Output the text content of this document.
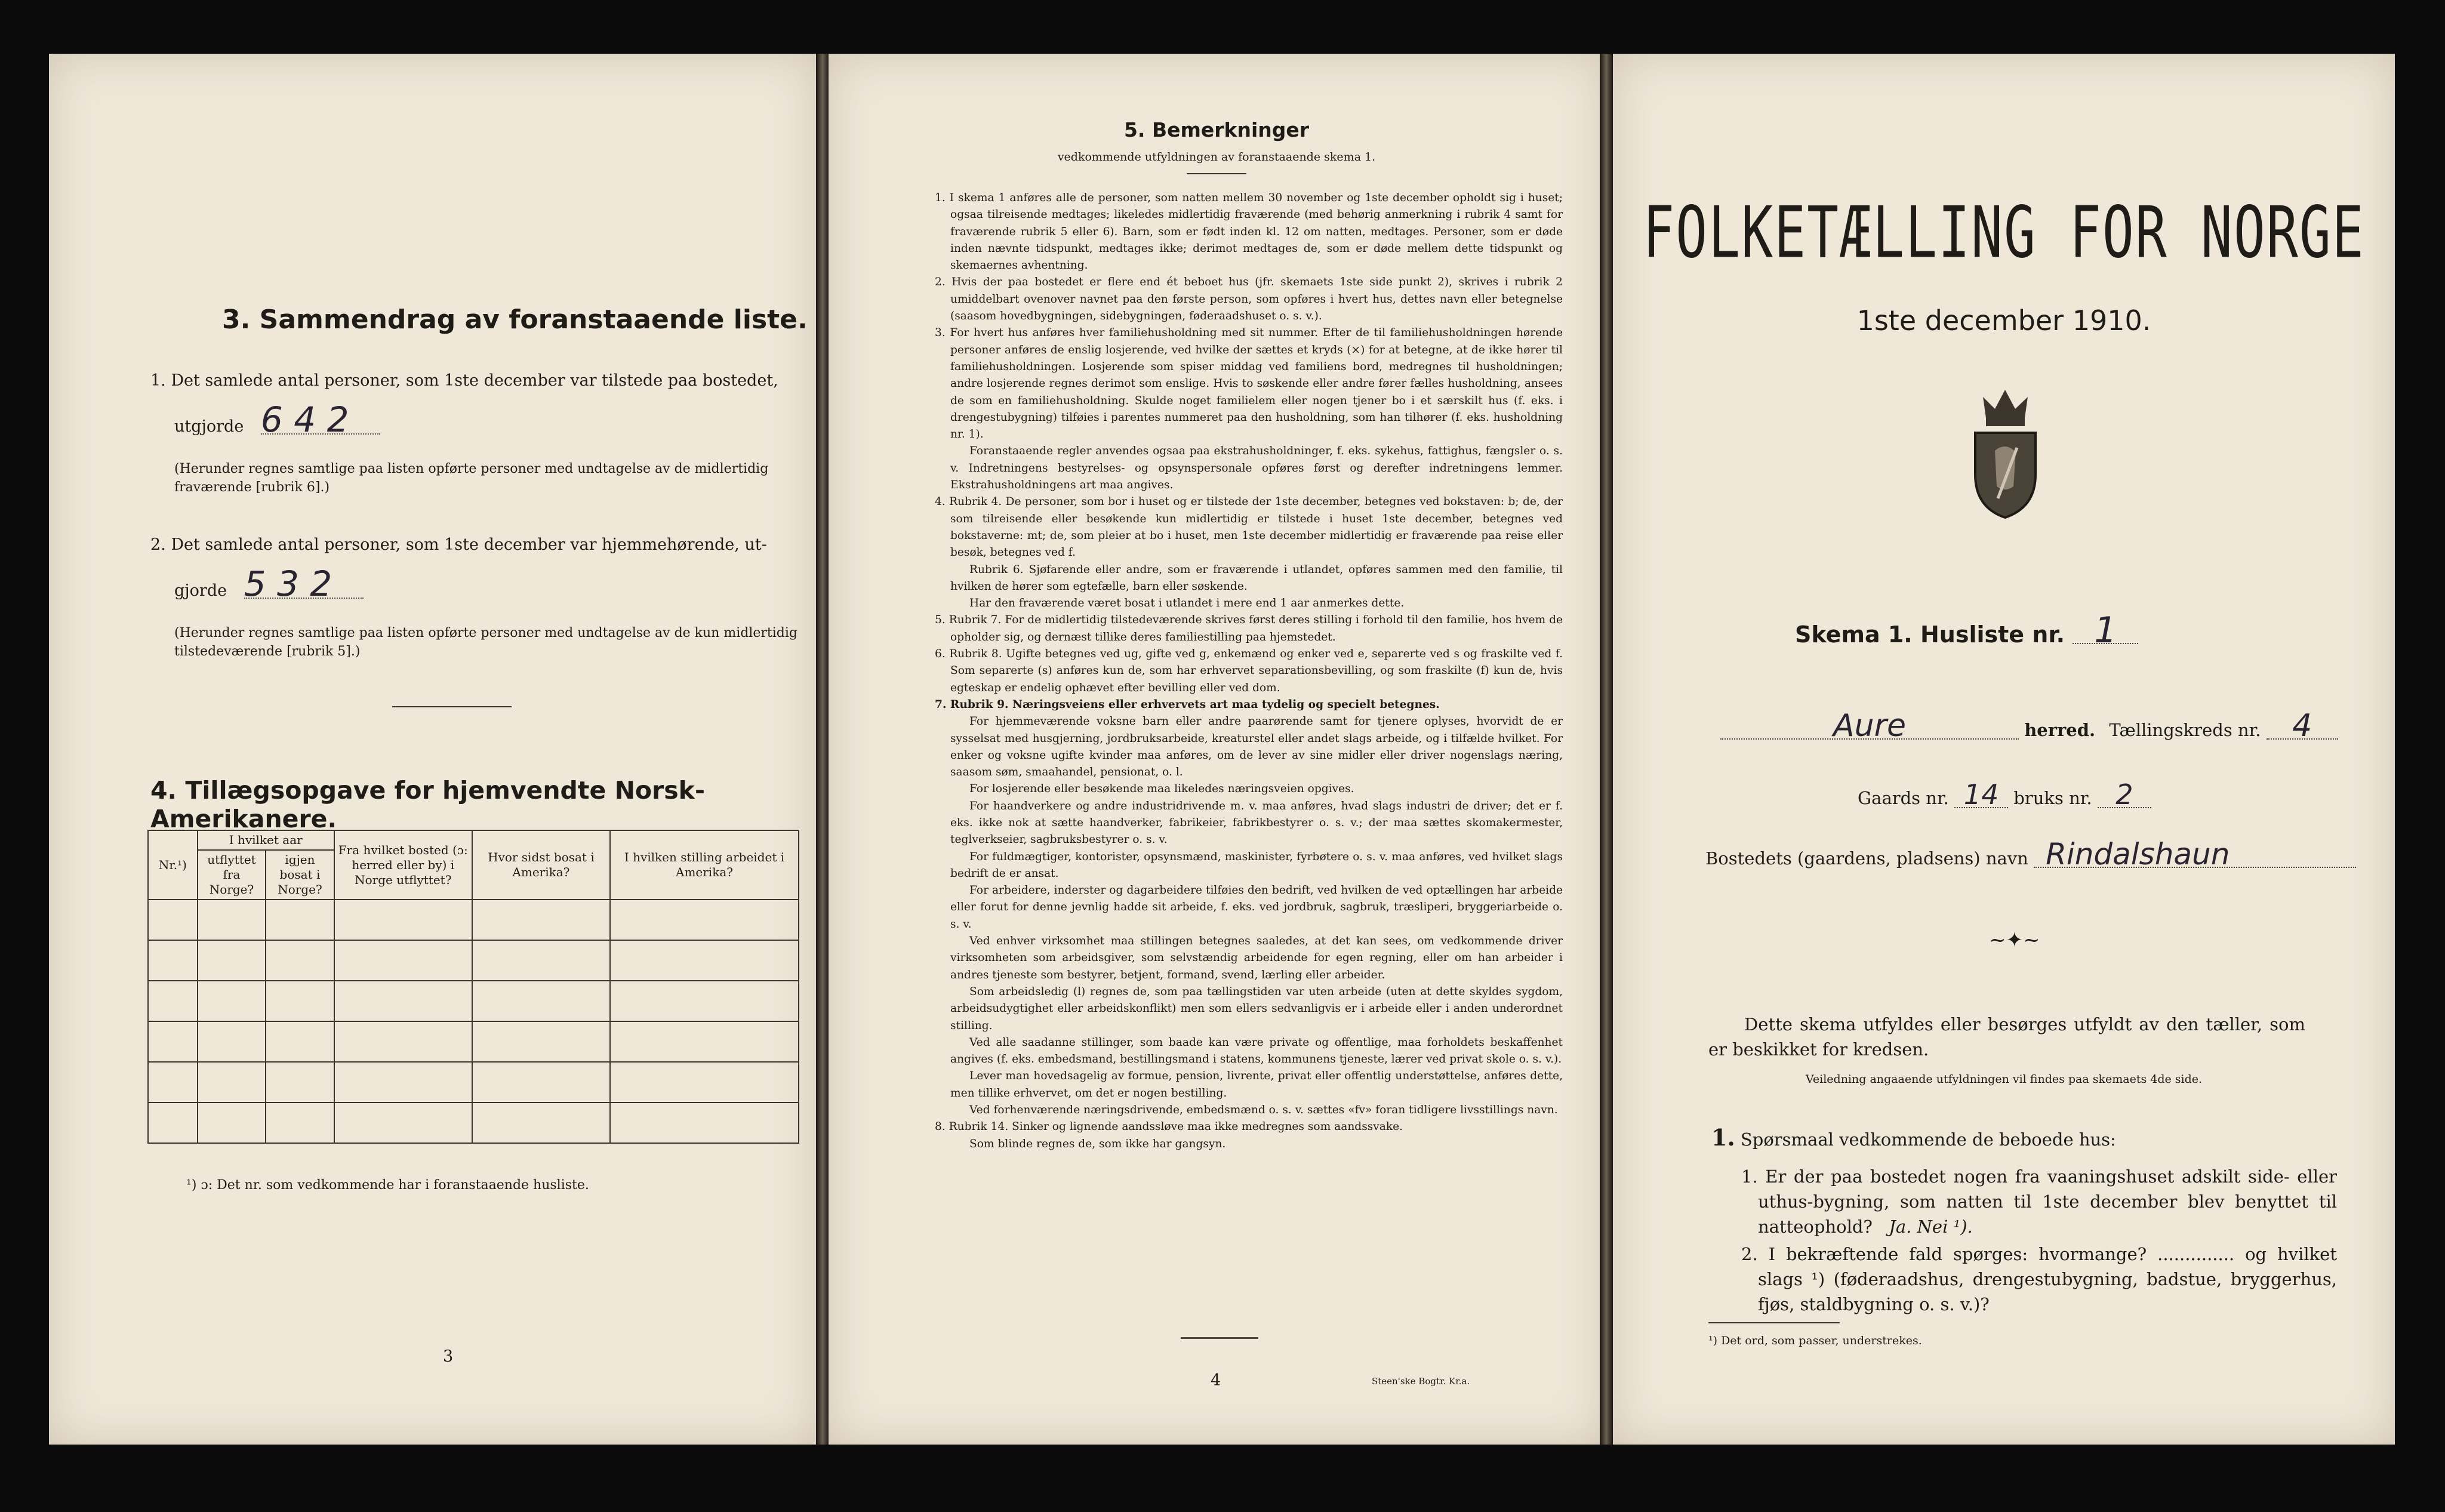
3. Sammendrag av foranstaaende liste.
1. Det samlede antal personer, som 1ste december var tilstede paa bostedet,
utgjorde 6 4 2
(Herunder regnes samtlige paa listen opførte personer med undtagelse av de midlertidig fraværende [rubrik 6].)
2. Det samlede antal personer, som 1ste december var hjemmehørende, ut-
gjorde 5 3 2
(Herunder regnes samtlige paa listen opførte personer med undtagelse av de kun midlertidig tilstedeværende [rubrik 5].)
4. Tillægsopgave for hjemvendte Norsk-Amerikanere.
Nr.¹)	I hvilket aar		Fra hvilket bosted (ɔ: herred eller by) i Norge utflyttet?	Hvor sidst bosat i Amerika?	I hvilken stilling arbeidet i Amerika?
	utflyttet fra Norge?	igjen bosat i Norge?			

¹) ɔ: Det nr. som vedkommende har i foranstaaende husliste.
3
5. Bemerkninger
vedkommende utfyldningen av foranstaaende skema 1.

1. I skema 1 anføres alle de personer, som natten mellem 30 november og 1ste december opholdt sig i huset; ogsaa tilreisende medtages; likeledes midlertidig fraværende (med behørig anmerkning i rubrik 4 samt for fraværende rubrik 5 eller 6). Barn, som er født inden kl. 12 om natten, medtages. Personer, som er døde inden nævnte tidspunkt, medtages ikke; derimot medtages de, som er døde mellem dette tidspunkt og skemaernes avhentning.

2. Hvis der paa bostedet er flere end ét beboet hus (jfr. skemaets 1ste side punkt 2), skrives i rubrik 2 umiddelbart ovenover navnet paa den første person, som opføres i hvert hus, dettes navn eller betegnelse (saasom hovedbygningen, sidebygningen, føderaadshuset o. s. v.).

3. For hvert hus anføres hver familiehusholdning med sit nummer. Efter de til familiehusholdningen hørende personer anføres de enslig losjerende, ved hvilke der sættes et kryds (×) for at betegne, at de ikke hører til familiehusholdningen. Losjerende som spiser middag ved familiens bord, medregnes til husholdningen; andre losjerende regnes derimot som enslige. Hvis to søskende eller andre fører fælles husholdning, ansees de som en familiehusholdning. Skulde noget familielem eller nogen tjener bo i et særskilt hus (f. eks. i drengestubygning) tilføies i parentes nummeret paa den husholdning, som han tilhører (f. eks. husholdning nr. 1).

Foranstaaende regler anvendes ogsaa paa ekstrahusholdninger, f. eks. sykehus, fattighus, fængsler o. s. v. Indretningens bestyrelses- og opsynspersonale opføres først og derefter indretningens lemmer. Ekstrahusholdningens art maa angives.

4. Rubrik 4. De personer, som bor i huset og er tilstede der 1ste december, betegnes ved bokstaven: b; de, der som tilreisende eller besøkende kun midlertidig er tilstede i huset 1ste december, betegnes ved bokstaverne: mt; de, som pleier at bo i huset, men 1ste december midlertidig er fraværende paa reise eller besøk, betegnes ved f.

Rubrik 6. Sjøfarende eller andre, som er fraværende i utlandet, opføres sammen med den familie, til hvilken de hører som egtefælle, barn eller søskende.

Har den fraværende været bosat i utlandet i mere end 1 aar anmerkes dette.

5. Rubrik 7. For de midlertidig tilstedeværende skrives først deres stilling i forhold til den familie, hos hvem de opholder sig, og dernæst tillike deres familiestilling paa hjemstedet.

6. Rubrik 8. Ugifte betegnes ved ug, gifte ved g, enkemænd og enker ved e, separerte ved s og fraskilte ved f. Som separerte (s) anføres kun de, som har erhvervet separationsbevilling, og som fraskilte (f) kun de, hvis egteskap er endelig ophævet efter bevilling eller ved dom.

7. Rubrik 9. Næringsveiens eller erhvervets art maa tydelig og specielt betegnes.

For hjemmeværende voksne barn eller andre paarørende samt for tjenere oplyses, hvorvidt de er sysselsat med husgjerning, jordbruksarbeide, kreaturstel eller andet slags arbeide, og i tilfælde hvilket. For enker og voksne ugifte kvinder maa anføres, om de lever av sine midler eller driver nogenslags næring, saasom søm, smaahandel, pensionat, o. l.

For losjerende eller besøkende maa likeledes næringsveien opgives.

For haandverkere og andre industridrivende m. v. maa anføres, hvad slags industri de driver; det er f. eks. ikke nok at sætte haandverker, fabrikeier, fabrikbestyrer o. s. v.; der maa sættes skomakermester, teglverkseier, sagbruksbestyrer o. s. v.

For fuldmægtiger, kontorister, opsynsmænd, maskinister, fyrbøtere o. s. v. maa anføres, ved hvilket slags bedrift de er ansat.

For arbeidere, inderster og dagarbeidere tilføies den bedrift, ved hvilken de ved optællingen har arbeide eller forut for denne jevnlig hadde sit arbeide, f. eks. ved jordbruk, sagbruk, træsliperi, bryggeriarbeide o. s. v.

Ved enhver virksomhet maa stillingen betegnes saaledes, at det kan sees, om vedkommende driver virksomheten som arbeidsgiver, som selvstændig arbeidende for egen regning, eller om han arbeider i andres tjeneste som bestyrer, betjent, formand, svend, lærling eller arbeider.

Som arbeidsledig (l) regnes de, som paa tællingstiden var uten arbeide (uten at dette skyldes sygdom, arbeidsudygtighet eller arbeidskonflikt) men som ellers sedvanligvis er i arbeide eller i anden underordnet stilling.

Ved alle saadanne stillinger, som baade kan være private og offentlige, maa forholdets beskaffenhet angives (f. eks. embedsmand, bestillingsmand i statens, kommunens tjeneste, lærer ved privat skole o. s. v.).

Lever man hovedsagelig av formue, pension, livrente, privat eller offentlig understøttelse, anføres dette, men tillike erhvervet, om det er nogen bestilling.

Ved forhenværende næringsdrivende, embedsmænd o. s. v. sættes «fv» foran tidligere livsstillings navn.

8. Rubrik 14. Sinker og lignende aandssløve maa ikke medregnes som aandssvake.

Som blinde regnes de, som ikke har gangsyn.

4	Steen'ske Bogtr. Kr.a.
FOLKETÆLLING FOR NORGE
1ste december 1910.
Skema 1. Husliste nr. 1
Aure	herred. Tællingskreds nr. 4
Gaards nr. 14 bruks nr. 2
Bostedets (gaardens, pladsens) navn Rindalshaun
~✦~
Dette skema utfyldes eller besørges utfyldt av den tæller, som er beskikket for kredsen.
Veiledning angaaende utfyldningen vil findes paa skemaets 4de side.
1. Spørsmaal vedkommende de beboede hus:
1. Er der paa bostedet nogen fra vaaningshuset adskilt side- eller uthus-bygning, som natten til 1ste december blev benyttet til natteophold? Ja. Nei ¹).
2. I bekræftende fald spørges: hvormange? .............. og hvilket slags ¹) (føderaadshus, drengestubygning, badstue, bryggerhus, fjøs, staldbygning o. s. v.)?
¹) Det ord, som passer, understrekes.
